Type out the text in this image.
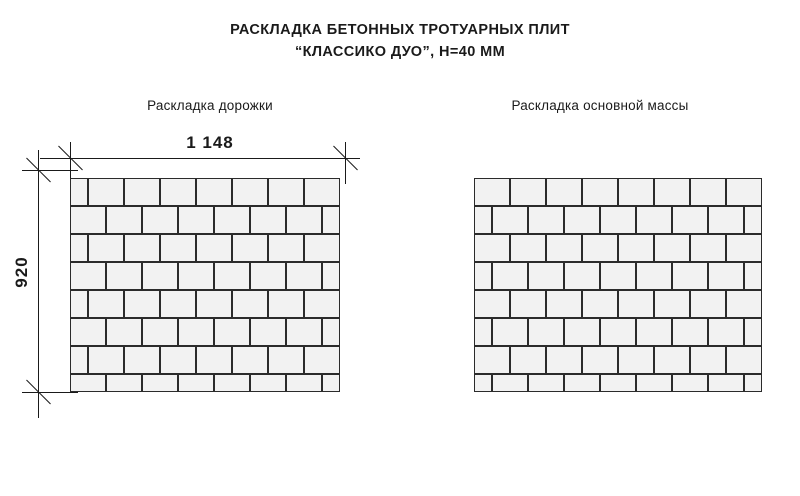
РАСКЛАДКА БЕТОННЫХ ТРОТУАРНЫХ ПЛИТ
“КЛАССИКО ДУО”, Н=40 ММ
Раскладка дорожки	Раскладка основной массы
1 148
920
